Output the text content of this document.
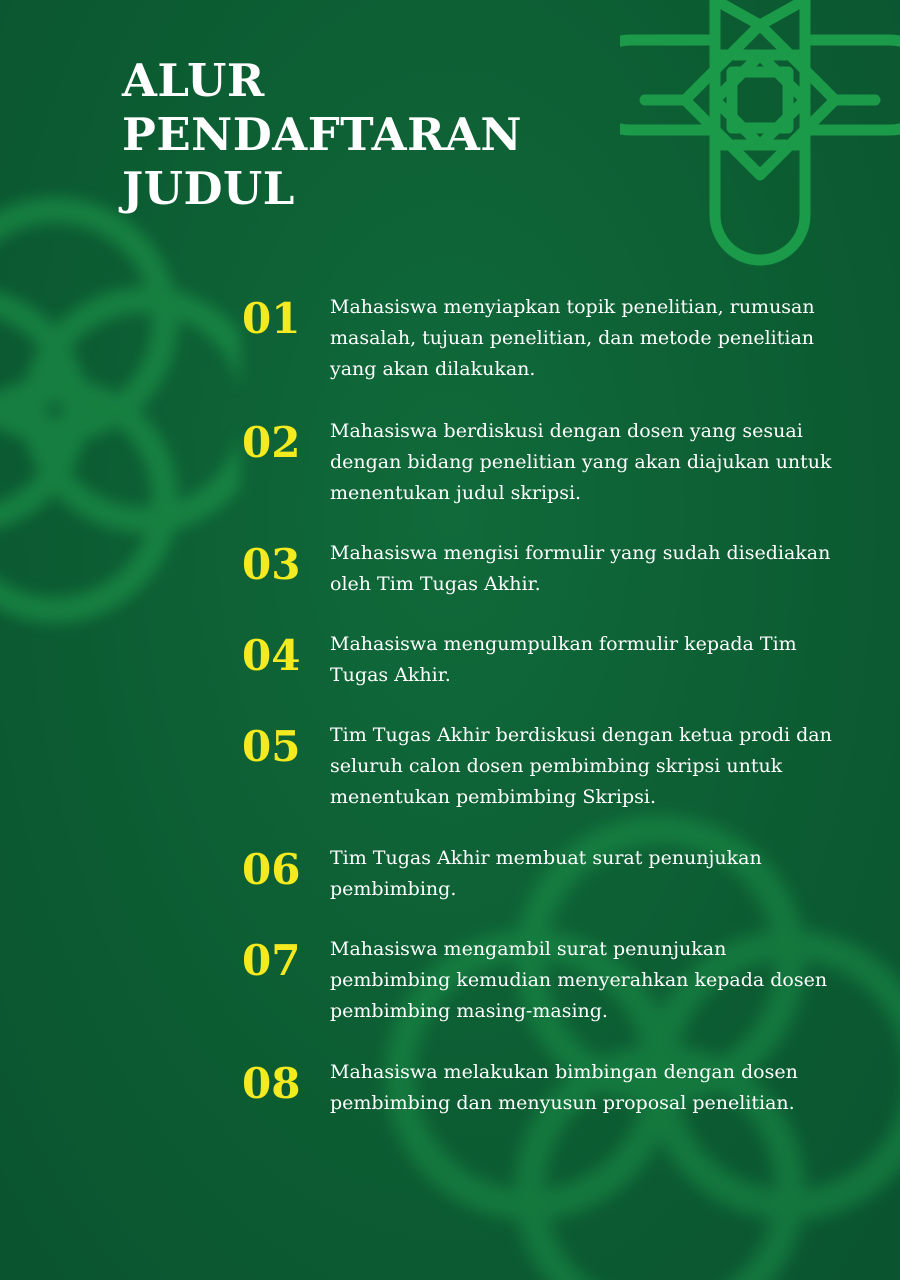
ALUR
PENDAFTARAN
JUDUL
01	Mahasiswa menyiapkan topik penelitian, rumusan masalah, tujuan penelitian, dan metode penelitian yang akan dilakukan.
02	Mahasiswa berdiskusi dengan dosen yang sesuai dengan bidang penelitian yang akan diajukan untuk menentukan judul skripsi.
03	Mahasiswa mengisi formulir yang sudah disediakan oleh Tim Tugas Akhir.
04	Mahasiswa mengumpulkan formulir kepada Tim Tugas Akhir.
05	Tim Tugas Akhir berdiskusi dengan ketua prodi dan seluruh calon dosen pembimbing skripsi untuk menentukan pembimbing Skripsi.
06	Tim Tugas Akhir membuat surat penunjukan pembimbing.
07	Mahasiswa mengambil surat penunjukan pembimbing kemudian menyerahkan kepada dosen pembimbing masing-masing.
08	Mahasiswa melakukan bimbingan dengan dosen pembimbing dan menyusun proposal penelitian.
